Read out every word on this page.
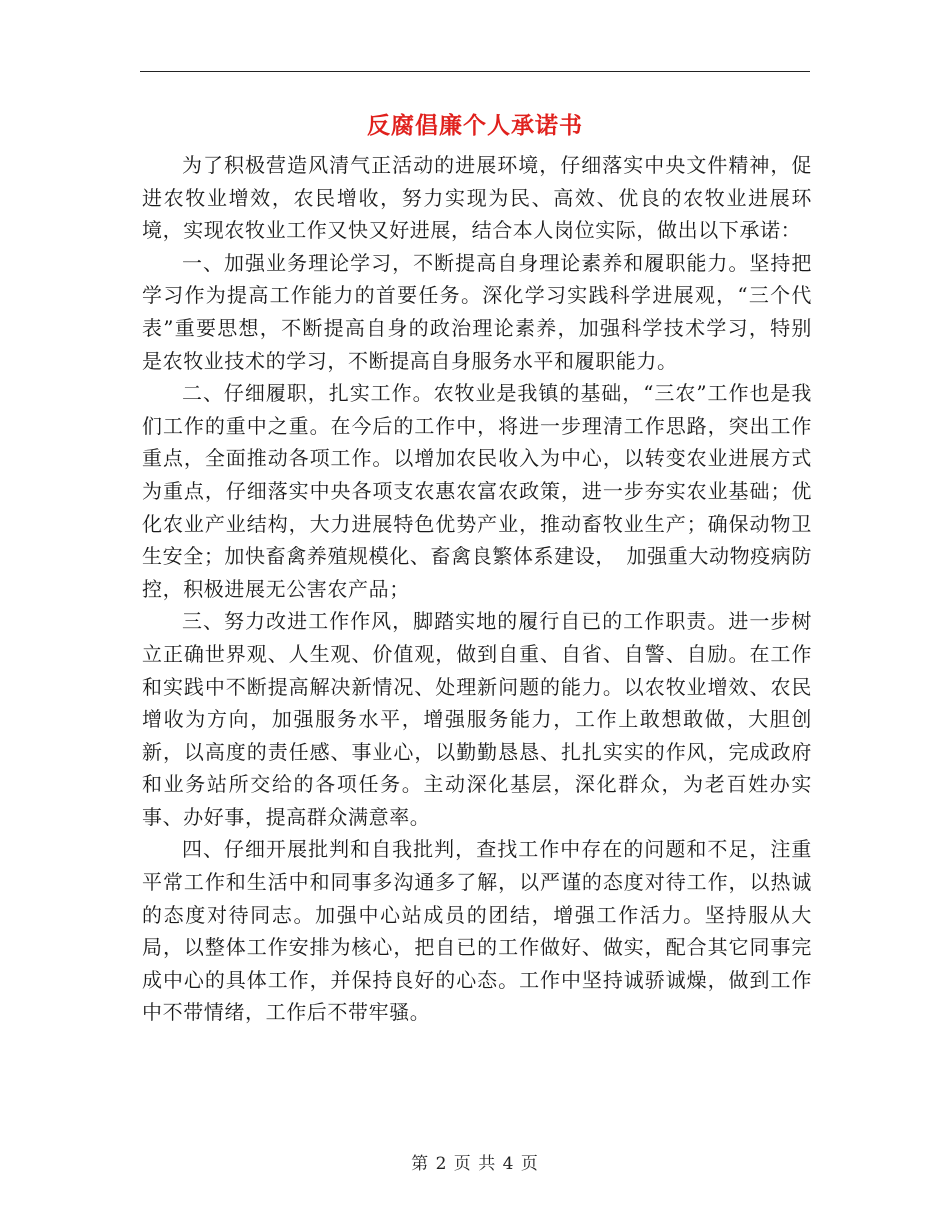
反腐倡廉个人承诺书

为了积极营造风清气正活动的进展环境，仔细落实中央文件精神，促进农牧业增效，农民增收，努力实现为民、高效、优良的农牧业进展环境，实现农牧业工作又快又好进展，结合本人岗位实际，做出以下承诺：

一、加强业务理论学习，不断提高自身理论素养和履职能力。坚持把学习作为提高工作能力的首要任务。深化学习实践科学进展观，“三个代表”重要思想，不断提高自身的政治理论素养，加强科学技术学习，特别是农牧业技术的学习，不断提高自身服务水平和履职能力。

二、仔细履职，扎实工作。农牧业是我镇的基础，“三农”工作也是我们工作的重中之重。在今后的工作中，将进一步理清工作思路，突出工作重点，全面推动各项工作。以增加农民收入为中心，以转变农业进展方式为重点，仔细落实中央各项支农惠农富农政策，进一步夯实农业基础；优化农业产业结构，大力进展特色优势产业，推动畜牧业生产；确保动物卫生安全；加快畜禽养殖规模化、畜禽良繁体系建设，　加强重大动物疫病防控，积极进展无公害农产品；

三、努力改进工作作风，脚踏实地的履行自已的工作职责。进一步树立正确世界观、人生观、价值观，做到自重、自省、自警、自励。在工作和实践中不断提高解决新情况、处理新问题的能力。以农牧业增效、农民增收为方向，加强服务水平，增强服务能力，工作上敢想敢做，大胆创新，以高度的责任感、事业心，以勤勤恳恳、扎扎实实的作风，完成政府和业务站所交给的各项任务。主动深化基层，深化群众，为老百姓办实事、办好事，提高群众满意率。

四、仔细开展批判和自我批判，查找工作中存在的问题和不足，注重平常工作和生活中和同事多沟通多了解，以严谨的态度对待工作，以热诚的态度对待同志。加强中心站成员的团结，增强工作活力。坚持服从大局，以整体工作安排为核心，把自已的工作做好、做实，配合其它同事完成中心的具体工作，并保持良好的心态。工作中坚持诚骄诚燥，做到工作中不带情绪，工作后不带牢骚。

第 2 页 共 4 页
